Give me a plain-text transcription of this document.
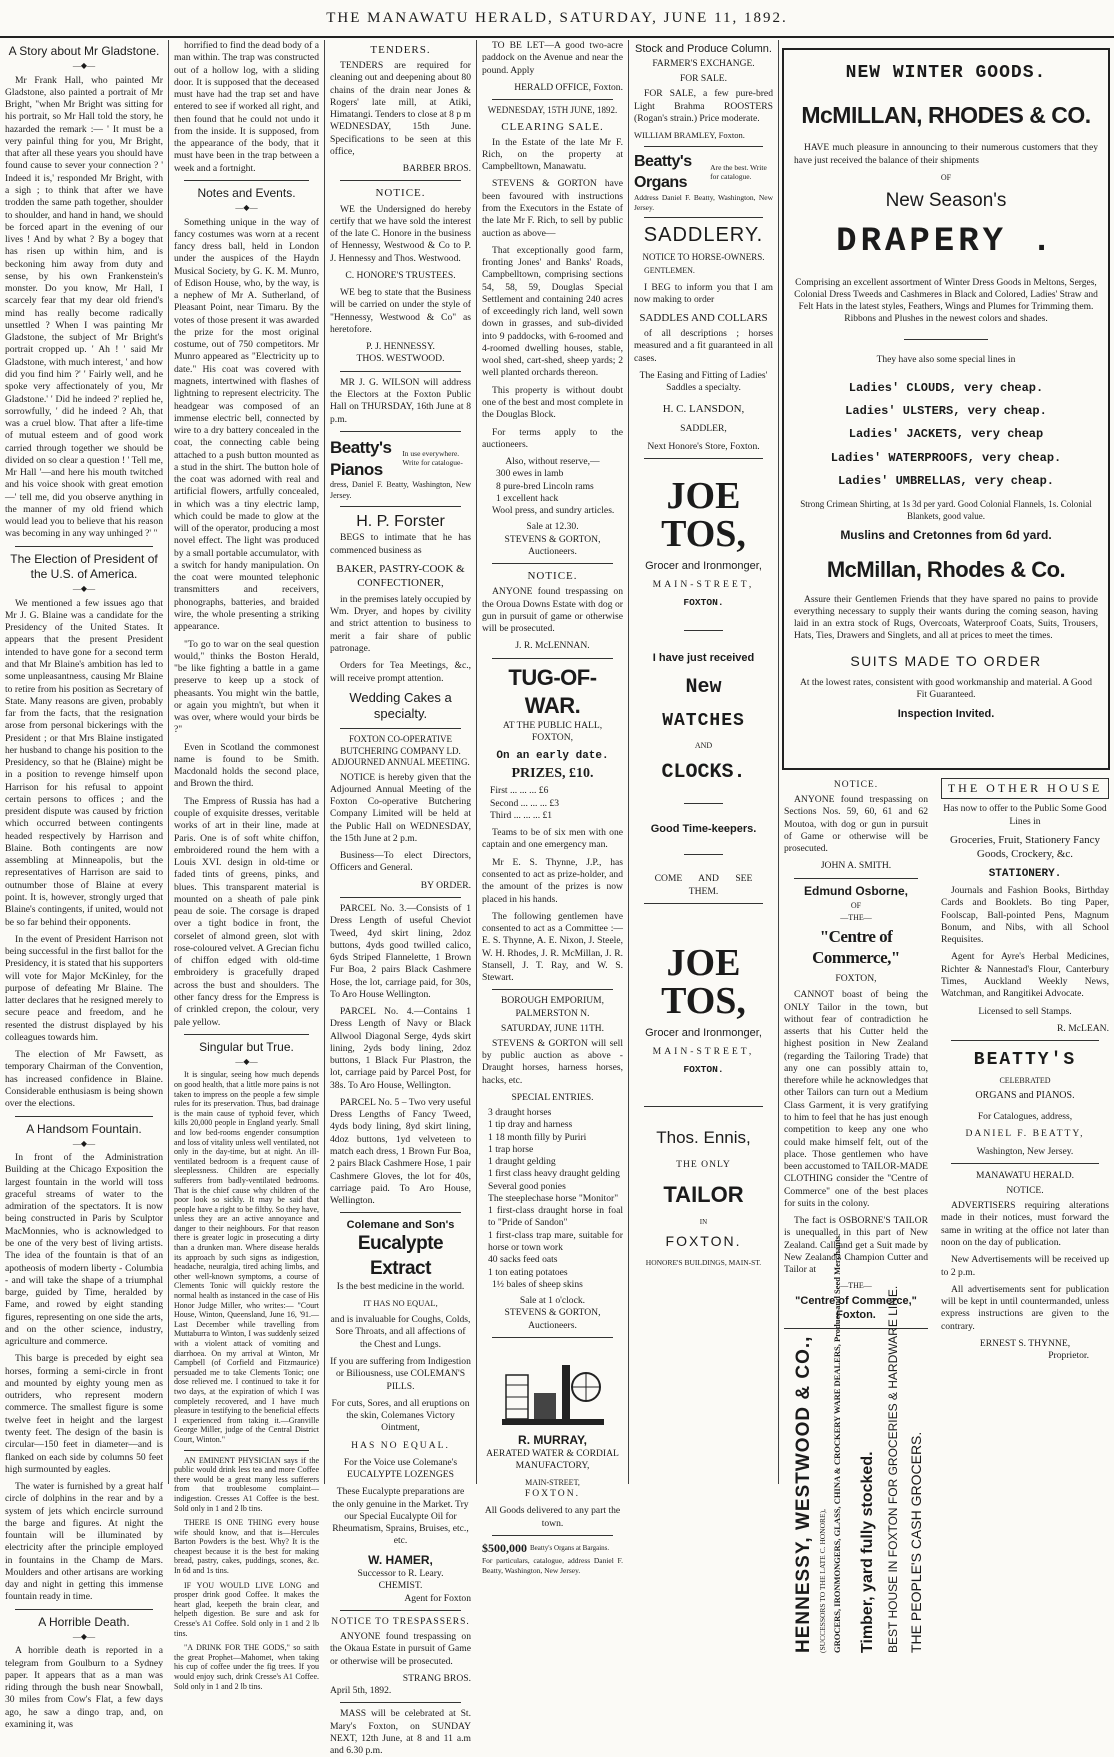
THE MANAWATU HERALD, SATURDAY, JUNE 11, 1892.
A Story about Mr Gladstone.
—◆—

Mr Frank Hall, who painted Mr Gladstone, also painted a portrait of Mr Bright, "when Mr Bright was sitting for his portrait, so Mr Hall told the story, he hazarded the remark :— ' It must be a very painful thing for you, Mr Bright, that after all these years you should have found cause to sever your connection ? ' Indeed it is,' responded Mr Bright, with a sigh ; to think that after we have trodden the same path together, shoulder to shoulder, and hand in hand, we should be forced apart in the evening of our lives ! And by what ? By a bogey that has risen up within him, and is beckoning him away from duty and sense, by his own Frankenstein's monster. Do you know, Mr Hall, I scarcely fear that my dear old friend's mind has really become radically unsettled ? When I was painting Mr Gladstone, the subject of Mr Bright's portrait cropped up. ' Ah ! ' said Mr Gladstone, with much interest, ' and how did you find him ?' ' Fairly well, and he spoke very affectionately of you, Mr Gladstone.' ' Did he indeed ?' replied he, sorrowfully, ' did he indeed ? Ah, that was a cruel blow. That after a life-time of mutual esteem and of good work carried through together we should be divided on so clear a question ! ' Tell me, Mr Hall '—and here his mouth twitched and his voice shook with great emotion —' tell me, did you observe anything in the manner of my old friend which would lead you to believe that his reason was becoming in any way unhinged ?' "

The Election of President of the U.S. of America.
—◆—

We mentioned a few issues ago that Mr J. G. Blaine was a candidate for the Presidency of the United States. It appears that the present President intended to have gone for a second term and that Mr Blaine's ambition has led to some unpleasantness, causing Mr Blaine to retire from his position as Secretary of State. Many reasons are given, probably far from the facts, that the resignation arose from personal bickerings with the President ; or that Mrs Blaine instigated her husband to change his position to the Presidency, so that he (Blaine) might be in a position to revenge himself upon Harrison for his refusal to appoint certain persons to offices ; and the president dispute was caused by friction which occurred between contingents headed respectively by Harrison and Blaine. Both contingents are now assembling at Minneapolis, but the representatives of Harrison are said to outnumber those of Blaine at every point. It is, however, strongly urged that Blaine's contingents, if united, would not be so far behind their opponents.

In the event of President Harrison not being successful in the first ballot for the Presidency, it is stated that his supporters will vote for Major McKinley, for the purpose of defeating Mr Blaine. The latter declares that he resigned merely to secure peace and freedom, and he resented the distrust displayed by his colleagues towards him.

The election of Mr Fawsett, as temporary Chairman of the Convention, has increased confidence in Blaine. Considerable enthusiasm is being shown over the elections.

A Handsom Fountain.
—◆—

In front of the Administration Building at the Chicago Exposition the largest fountain in the world will toss graceful streams of water to the admiration of the spectators. It is now being constructed in Paris by Sculptor MacMonnies, who is acknowledged to be one of the very best of living artists. The idea of the fountain is that of an apotheosis of modern liberty - Columbia - and will take the shape of a triumphal barge, guided by Time, heralded by Fame, and rowed by eight standing figures, representing on one side the arts, and on the other science, industry, agriculture and commerce.

This barge is preceded by eight sea horses, forming a semi-circle in front and mounted by eighty young men as outriders, who represent modern commerce. The smallest figure is some twelve feet in height and the largest twenty feet. The design of the basin is circular—150 feet in diameter—and is flanked on each side by columns 50 feet high surmounted by eagles.

The water is furnished by a great half circle of dolphins in the rear and by a system of jets which encircle surround the barge and figures. At night the fountain will be illuminated by electricity after the principle employed in fountains in the Champ de Mars. Moulders and other artisans are working day and night in getting this immense fountain ready in time.

A Horrible Death.
—◆—

A horrible death is reported in a telegram from Goulburn to a Sydney paper. It appears that as a man was riding through the bush near Snowball, 30 miles from Cow's Flat, a few days ago, he saw a dingo trap, and, on examining it, was

horrified to find the dead body of a man within. The trap was constructed out of a hollow log, with a sliding door. It is supposed that the deceased must have had the trap set and have entered to see if worked all right, and then found that he could not undo it from the inside. It is supposed, from the appearance of the body, that it must have been in the trap between a week and a fortnight.

Notes and Events.
—◆—

Something unique in the way of fancy costumes was worn at a recent fancy dress ball, held in London under the auspices of the Haydn Musical Society, by G. K. M. Munro, of Edison House, who, by the way, is a nephew of Mr A. Sutherland, of Pleasant Point, near Timaru. By the votes of those present it was awarded the prize for the most original costume, out of 750 competitors. Mr Munro appeared as "Electricity up to date." His coat was covered with magnets, intertwined with flashes of lightning to represent electricity. The headgear was composed of an immense electric bell, connected by wire to a dry battery concealed in the coat, the connecting cable being attached to a push button mounted as a stud in the shirt. The button hole of the coat was adorned with real and artificial flowers, artfully concealed, in which was a tiny electric lamp, which could be made to glow at the will of the operator, producing a most novel effect. The light was produced by a small portable accumulator, with a switch for handy manipulation. On the coat were mounted telephonic transmitters and receivers, phonographs, batteries, and braided wire, the whole presenting a striking appearance.

"To go to war on the seal question would," thinks the Boston Herald, "be like fighting a battle in a game preserve to keep up a stock of pheasants. You might win the battle, or again you mightn't, but when it was over, where would your birds be ?"

Even in Scotland the commonest name is found to be Smith. Macdonald holds the second place, and Brown the third.

The Empress of Russia has had a couple of exquisite dresses, veritable works of art in their line, made at Paris. One is of soft white chiffon, embroidered round the hem with a Louis XVI. design in old-time or faded tints of greens, pinks, and blues. This transparent material is mounted on a sheath of pale pink peau de soie. The corsage is draped over a tight bodice in front, the corselet of almond green, slot with rose-coloured velvet. A Grecian fichu of chiffon edged with old-time embroidery is gracefully draped across the bust and shoulders. The other fancy dress for the Empress is of crinkled crepon, the colour, very pale yellow.

Singular but True.
—◆—

It is singular, seeing how much depends on good health, that a little more pains is not taken to impress on the people a few simple rules for its preservation. Thus, bad drainage is the main cause of typhoid fever, which kills 20,000 people in England yearly. Small and low bed-rooms engender consumption and loss of vitality unless well ventilated, not only in the day-time, but at night. An ill-ventilated bedroom is a frequent cause of sleeplessness. Children are especially sufferers from badly-ventilated bedrooms. That is the chief cause why children of the poor look so sickly. It may be said that people have a right to be filthy. So they have, unless they are an active annoyance and danger to their neighbours. For that reason there is greater logic in prosecuting a dirty than a drunken man. Where disease heralds its approach by such signs as indigestion, headache, neuralgia, tired aching limbs, and other well-known symptoms, a course of Clements Tonic will quickly restore the normal health as instanced in the case of His Honor Judge Miller, who writes:— "Court House, Winton, Queensland, June 16, '91.—Last December while travelling from Muttaburra to Winton, I was suddenly seized with a violent attack of vomiting and diarrhoea. On my arrival at Winton, Mr Campbell (of Corfield and Fitzmaurice) persuaded me to take Clements Tonic; one dose relieved me. I continued to take it for two days, at the expiration of which I was completely recovered, and I have much pleasure in testifying to the beneficial effects I experienced from taking it.—Granville George Miller, judge of the Central District Court, Winton."

AN EMINENT PHYSICIAN says if the public would drink less tea and more Coffee there would be a great many less sufferers from that troublesome complaint—indigestion. Cresses A1 Coffee is the best. Sold only in 1 and 2 lb tins.

THERE IS ONE THING every house wife should know, and that is—Hercules Barton Powders is the best. Why? It is the cheapest because it is the best for making bread, pastry, cakes, puddings, scones, &c. In 6d and 1s tins.

IF YOU WOULD LIVE LONG and prosper drink good Coffee. It makes the heart glad, keepeth the brain clear, and helpeth digestion. Be sure and ask for Cresse's A1 Coffee. Sold only in 1 and 2 lb tins.

"A DRINK FOR THE GODS," so saith the great Prophet—Mahomet, when taking his cup of coffee under the fig trees. If you would enjoy such, drink Cresse's A1 Coffee. Sold only in 1 and 2 lb tins.

TENDERS.

TENDERS are required for cleaning out and deepening about 80 chains of the drain near Jones & Rogers' late mill, at Atiki, Himatangi. Tenders to close at 8 p m WEDNESDAY, 15th June. Specifications to be seen at this office,

BARBER BROS.

NOTICE.

WE the Undersigned do hereby certify that we have sold the interest of the late C. Honore in the business of Hennessy, Westwood & Co to P. J. Hennessy and Thos. Westwood.

C. HONORE'S TRUSTEES.

WE beg to state that the Business will be carried on under the style of "Hennessy, Westwood & Co" as heretofore.

P. J. HENNESSY.

THOS. WESTWOOD.

MR J. G. WILSON will address the Electors at the Foxton Public Hall on THURSDAY, 16th June at 8 p.m.

Beatty's Pianos
In use everywhere. Write for catalogue-

dress, Daniel F. Beatty, Washington, New Jersey.

H. P. Forster

BEGS to intimate that he has commenced business as

BAKER, PASTRY-COOK & CONFECTIONER,

in the premises lately occupied by Wm. Dryer, and hopes by civility and strict attention to business to merit a fair share of public patronage.

Orders for Tea Meetings, &c., will receive prompt attention.

Wedding Cakes a specialty.
FOXTON CO-OPERATIVE BUTCHERING COMPANY LD.
ADJOURNED ANNUAL MEETING.

NOTICE is hereby given that the Adjourned Annual Meeting of the Foxton Co-operative Butchering Company Limited will be held at the Public Hall on WEDNESDAY, the 15th June at 2 p.m.

Business—To elect Directors, Officers and General.

BY ORDER.

PARCEL No. 3.—Consists of 1 Dress Length of useful Cheviot Tweed, 4yd skirt lining, 2doz buttons, 4yds good twilled calico, 6yds Striped Flannelette, 1 Brown Fur Boa, 2 pairs Black Cashmere Hose, the lot, carriage paid, for 30s, To Aro House Wellington.

PARCEL No. 4.—Contains 1 Dress Length of Navy or Black Allwool Diagonal Serge, 4yds skirt lining, 2yds body lining, 2doz buttons, 1 Black Fur Plastron, the lot, carriage paid by Parcel Post, for 38s. To Aro House, Wellington.

PARCEL No. 5 – Two very useful Dress Lengths of Fancy Tweed, 4yds body lining, 8yd skirt lining, 4doz buttons, 1yd velveteen to match each dress, 1 Brown Fur Boa, 2 pairs Black Cashmere Hose, 1 pair Cashmere Gloves, the lot for 40s, carriage paid. To Aro House, Wellington.

Colemane and Son's
Eucalypte Extract

Is the best medicine in the world.

IT HAS NO EQUAL,

and is invaluable for Coughs, Colds, Sore Throats, and all affections of the Chest and Lungs.

If you are suffering from Indigestion or Biliousness, use COLEMAN'S PILLS.

For cuts, Sores, and all eruptions on the skin, Colemanes Victory Ointment,

HAS NO EQUAL.

For the Voice use Colemane's EUCALYPTE LOZENGES

These Eucalypte preparations are the only genuine in the Market. Try our Special Eucalypte Oil for Rheumatism, Sprains, Bruises, etc., etc.

W. HAMER,

Successor to R. Leary.

CHEMIST.

Agent for Foxton

NOTICE TO TRESPASSERS.

ANYONE found trespassing on the Okaua Estate in pursuit of Game or otherwise will be prosecuted.

STRANG BROS.

April 5th, 1892.

MASS will be celebrated at St. Mary's Foxton, on SUNDAY NEXT, 12th June, at 8 and 11 a.m and 6.30 p.m.

TO BE LET—A good two-acre paddock on the Avenue and near the pound. Apply

HERALD OFFICE, Foxton.

WEDNESDAY, 15TH JUNE, 1892.
CLEARING SALE.

In the Estate of the late Mr F. Rich, on the property at Campbelltown, Manawatu.

STEVENS & GORTON have been favoured with instructions from the Executors in the Estate of the late Mr F. Rich, to sell by public auction as above—

That exceptionally good farm, fronting Jones' and Banks' Roads, Campbelltown, comprising sections 54, 58, 59, Douglas Special Settlement and containing 240 acres of exceedingly rich land, well sown down in grasses, and sub-divided into 9 paddocks, with 6-roomed and 4-roomed dwelling houses, stable, wool shed, cart-shed, sheep yards; 2 well planted orchards thereon.

This property is without doubt one of the best and most complete in the Douglas Block.

For terms apply to the auctioneers.

Also, without reserve,—

300 ewes in lamb

8 pure-bred Lincoln rams

1 excellent hack

Wool press, and sundry articles.

Sale at 12.30.

STEVENS & GORTON, Auctioneers.

NOTICE.

ANYONE found trespassing on the Oroua Downs Estate with dog or gun in pursuit of game or otherwise will be prosecuted.

J. R. McLENNAN.

TUG-OF-WAR.

AT THE PUBLIC HALL, FOXTON,

On an early date.
PRIZES, £10.

First ... ... ... £6

Second ... ... ... £3

Third ... ... ... £1

Teams to be of six men with one captain and one emergency man.

Mr E. S. Thynne, J.P., has consented to act as prize-holder, and the amount of the prizes is now placed in his hands.

The following gentlemen have consented to act as a Committee :— E. S. Thynne, A. E. Nixon, J. Steele, W. H. Rhodes, J. R. McMillan, J. R. Stansell, J. T. Ray, and W. S. Stewart.

BOROUGH EMPORIUM, PALMERSTON N.
SATURDAY, JUNE 11TH.

STEVENS & GORTON will sell by public auction as above - Draught horses, harness horses, hacks, etc.

SPECIAL ENTRIES.

3 draught horses

1 tip dray and harness

1 18 month filly by Puriri

1 trap horse

1 draught gelding

1 first class heavy draught gelding

Several good ponies

The steeplechase horse "Monitor"

1 first-class draught horse in foal to "Pride of Sandon"

1 first-class trap mare, suitable for horse or town work

40 sacks feed oats

1 ton eating potatoes

1½ bales of sheep skins

Sale at 1 o'clock.

STEVENS & GORTON, Auctioneers.

R. MURRAY,

AERATED WATER & CORDIAL MANUFACTORY,

MAIN-STREET,

FOXTON.

All Goods delivered to any part the town.

$500,000 Beatty's Organs at Bargains.

For particulars, catalogue, address Daniel F. Beatty, Washington, New Jersey.

Stock and Produce Column.
FARMER'S EXCHANGE.
FOR SALE.

FOR SALE, a few pure-bred Light Brahma ROOSTERS (Rogan's strain.) Price moderate.

WILLIAM BRAMLEY, Foxton.

Beatty's Organs
Are the best. Write for catalogue.

Address Daniel F. Beatty, Washington, New Jersey.

SADDLERY.
NOTICE TO HORSE-OWNERS.

GENTLEMEN.

I BEG to inform you that I am now making to order

SADDLES AND COLLARS

of all descriptions ; horses measured and a fit guaranteed in all cases.

The Easing and Fitting of Ladies' Saddles a specialty.

H. C. LANSDON,

SADDLER,

Next Honore's Store, Foxton.

JOE TOS,

Grocer and Ironmonger,

MAIN-STREET,

FOXTON.

I have just received

New
WATCHES

AND

CLOCKS.

Good Time-keepers.

COME AND SEE THEM.

JOE TOS,

Grocer and Ironmonger,

MAIN-STREET,

FOXTON.

Thos. Ennis,

THE ONLY

TAILOR

IN

FOXTON.

HONORE'S BUILDINGS, MAIN-ST.

NEW WINTER GOODS.
McMILLAN, RHODES & CO.

HAVE much pleasure in announcing to their numerous customers that they have just received the balance of their shipments

OF

New Season's
DRAPERY .

Comprising an excellent assortment of Winter Dress Goods in Meltons, Serges, Colonial Dress Tweeds and Cashmeres in Black and Colored, Ladies' Straw and Felt Hats in the latest styles, Feathers, Wings and Plumes for Trimming them. Ribbons and Plushes in the newest colors and shades.

They have also some special lines in

Ladies' CLOUDS, very cheap.
Ladies' ULSTERS, very cheap.
Ladies' JACKETS, very cheap
Ladies' WATERPROOFS, very cheap.
Ladies' UMBRELLAS, very cheap.

Strong Crimean Shirting, at 1s 3d per yard. Good Colonial Flannels, 1s. Colonial Blankets, good value.

Muslins and Cretonnes from 6d yard.
McMillan, Rhodes & Co.

Assure their Gentlemen Friends that they have spared no pains to provide everything necessary to supply their wants during the coming season, having laid in an extra stock of Rugs, Overcoats, Waterproof Coats, Suits, Trousers, Hats, Ties, Drawers and Singlets, and all at prices to meet the times.

SUITS MADE TO ORDER

At the lowest rates, consistent with good workmanship and material. A Good Fit Guaranteed.

Inspection Invited.
NOTICE.

ANYONE found trespassing on Sections Nos. 59, 60, 61 and 62 Moutoa, with dog or gun in pursuit of Game or otherwise will be prosecuted.

JOHN A. SMITH.

Edmund Osborne,

OF

—THE—

"Centre of Commerce,"

FOXTON,

CANNOT boast of being the ONLY Tailor in the town, but without fear of contradiction he asserts that his Cutter held the highest position in New Zealand (regarding the Tailoring Trade) that any one can possibly attain to, therefore while he acknowledges that other Tailors can turn out a Medium Class Garment, it is very gratifying to him to feel that he has just enough competition to keep any one who could make himself felt, out of the place. Those gentlemen who have been accustomed to TAILOR-MADE CLOTHING consider the "Centre of Commerce" one of the best places for suits in the colony.

The fact is OSBORNE'S TAILOR is unequalled in this part of New Zealand. Call and get a Suit made by New Zealand's Champion Cutter and Tailor at

—THE—

"Centre of Commerce,"
Foxton.
HENNESSY, WESTWOOD & CO., (SUCCESSORS TO THE LATE C. HONORE), GROCERS, IRONMONGERS, GLASS, CHINA & CROCKERY WARE DEALERS, Produce and Seed Merchants. Timber, yard fully stocked. BEST HOUSE IN FOXTON FOR GROCERIES & HARDWARE LINE. THE PEOPLE'S CASH GROCERS.
THE OTHER HOUSE

Has now to offer to the Public Some Good Lines in

Groceries, Fruit, Stationery Fancy Goods, Crockery, &c.

STATIONERY.

Journals and Fashion Books, Birthday Cards and Booklets. Bo ting Paper, Foolscap, Ball-pointed Pens, Magnum Bonum, and Nibs, with all School Requisites.

Agent for Ayre's Herbal Medicines, Richter & Nannestad's Flour, Canterbury Times, Auckland Weekly News, Watchman, and Rangitikei Advocate.

Licensed to sell Stamps.

R. McLEAN.

BEATTY'S

CELEBRATED

ORGANS and PIANOS.

For Catalogues, address,

DANIEL F. BEATTY,

Washington, New Jersey.

MANAWATU HERALD.
NOTICE.

ADVERTISERS requiring alterations made in their notices, must forward the same in writing at the office not later than noon on the day of publication.

New Advertisements will be received up to 2 p.m.

All advertisements sent for publication will be kept in until countermanded, unless express instructions are given to the contrary.

ERNEST S. THYNNE,

Proprietor.
